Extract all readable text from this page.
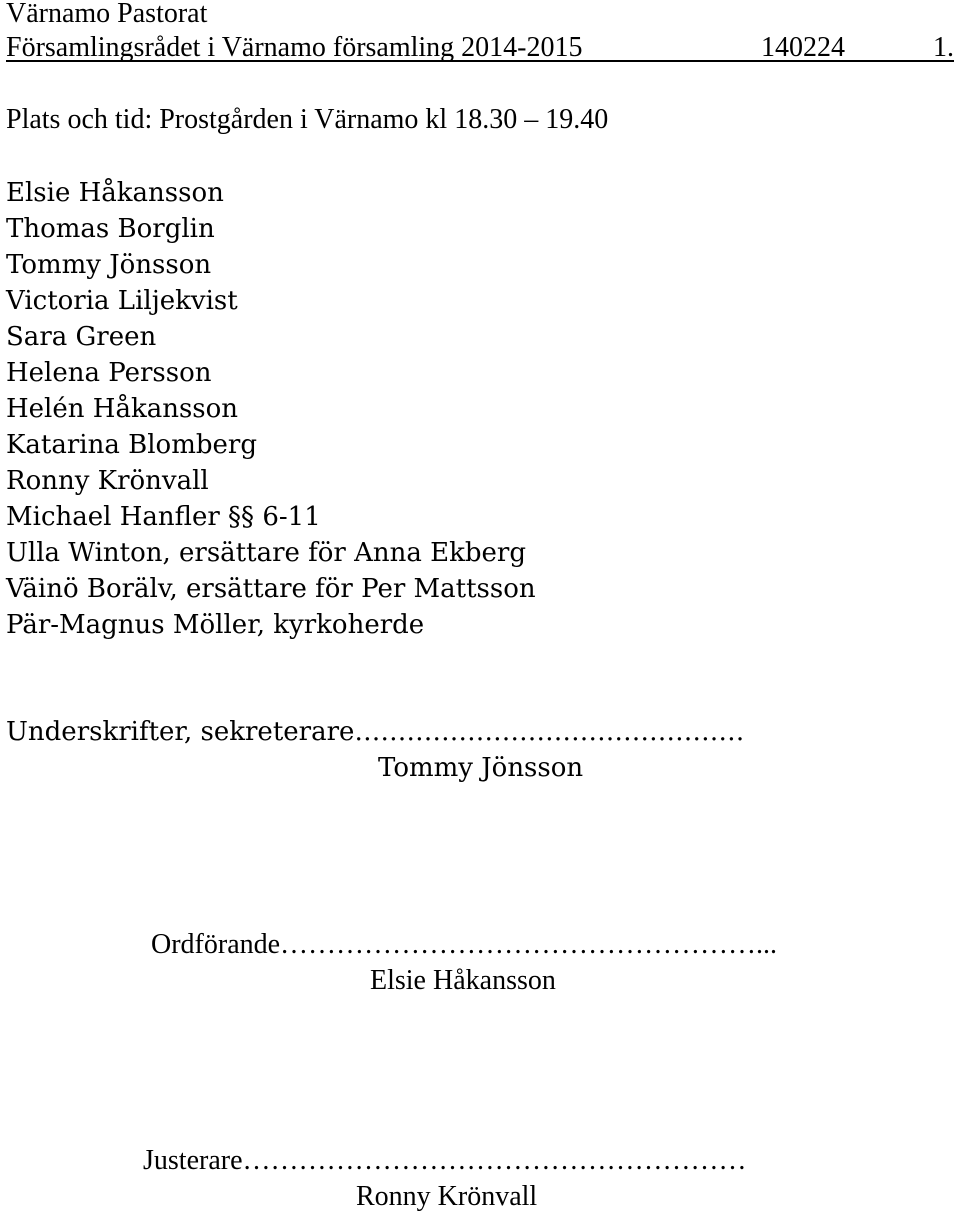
Värnamo Pastorat

Församlingsrådet i Värnamo församling 2014-2015	140224	1.

Plats och tid: Prostgården i Värnamo kl 18.30 – 19.40

Elsie Håkansson

Thomas Borglin

Tommy Jönsson

Victoria Liljekvist

Sara Green

Helena Persson

Helén Håkansson

Katarina Blomberg

Ronny Krönvall

Michael Hanfler §§ 6-11

Ulla Winton, ersättare för Anna Ekberg

Väinö Borälv, ersättare för Per Mattsson

Pär-Magnus Möller, kyrkoherde

Underskrifter, sekreterare………………………………………

Tommy Jönsson

Ordförande……………………………………………...

Elsie Håkansson

Justerare………………………………………………

Ronny Krönvall
